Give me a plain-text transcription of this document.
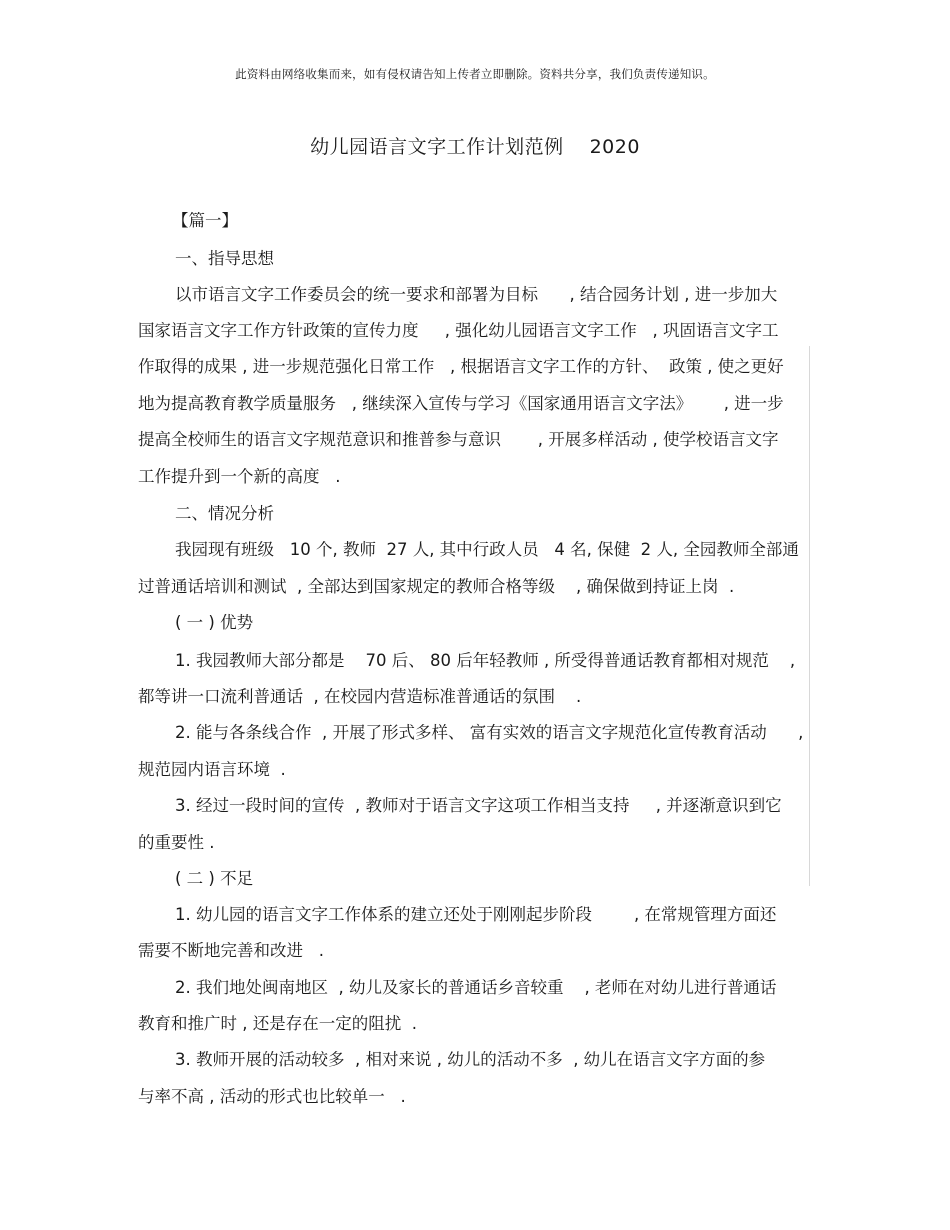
此资料由网络收集而来，如有侵权请告知上传者立即删除。资料共分享，我们负责传递知识。
幼儿园语言文字工作计划范例 2020
【篇一】
一、指导思想
以市语言文字工作委员会的统一要求和部署为目标      , 结合园务计划 , 进一步加大
国家语言文字工作方针政策的宣传力度     , 强化幼儿园语言文字工作   , 巩固语言文字工
作取得的成果 , 进一步规范强化日常工作   , 根据语言文字工作的方针、  政策 , 使之更好
地为提高教育教学质量服务   , 继续深入宣传与学习《国家通用语言文字法》      , 进一步
提高全校师生的语言文字规范意识和推普参与意识       , 开展多样活动 , 使学校语言文字
工作提升到一个新的高度   .
二、情况分析
我园现有班级   10 个, 教师  27 人, 其中行政人员   4 名, 保健  2 人, 全园教师全部通
过普通话培训和测试  , 全部达到国家规定的教师合格等级    , 确保做到持证上岗  .
( 一 ) 优势
1. 我园教师大部分都是    70 后、 80 后年轻教师 , 所受得普通话教育都相对规范    ,
都等讲一口流利普通话  , 在校园内营造标准普通话的氛围    .
2. 能与各条线合作  , 开展了形式多样、 富有实效的语言文字规范化宣传教育活动      ,
规范园内语言环境  .
3. 经过一段时间的宣传  , 教师对于语言文字这项工作相当支持     , 并逐渐意识到它
的重要性 .
( 二 ) 不足
1. 幼儿园的语言文字工作体系的建立还处于刚刚起步阶段        , 在常规管理方面还
需要不断地完善和改进   .
2. 我们地处闽南地区  , 幼儿及家长的普通话乡音较重    , 老师在对幼儿进行普通话
教育和推广时 , 还是存在一定的阻扰  .
3. 教师开展的活动较多  , 相对来说 , 幼儿的活动不多  , 幼儿在语言文字方面的参
与率不高 , 活动的形式也比较单一   .
